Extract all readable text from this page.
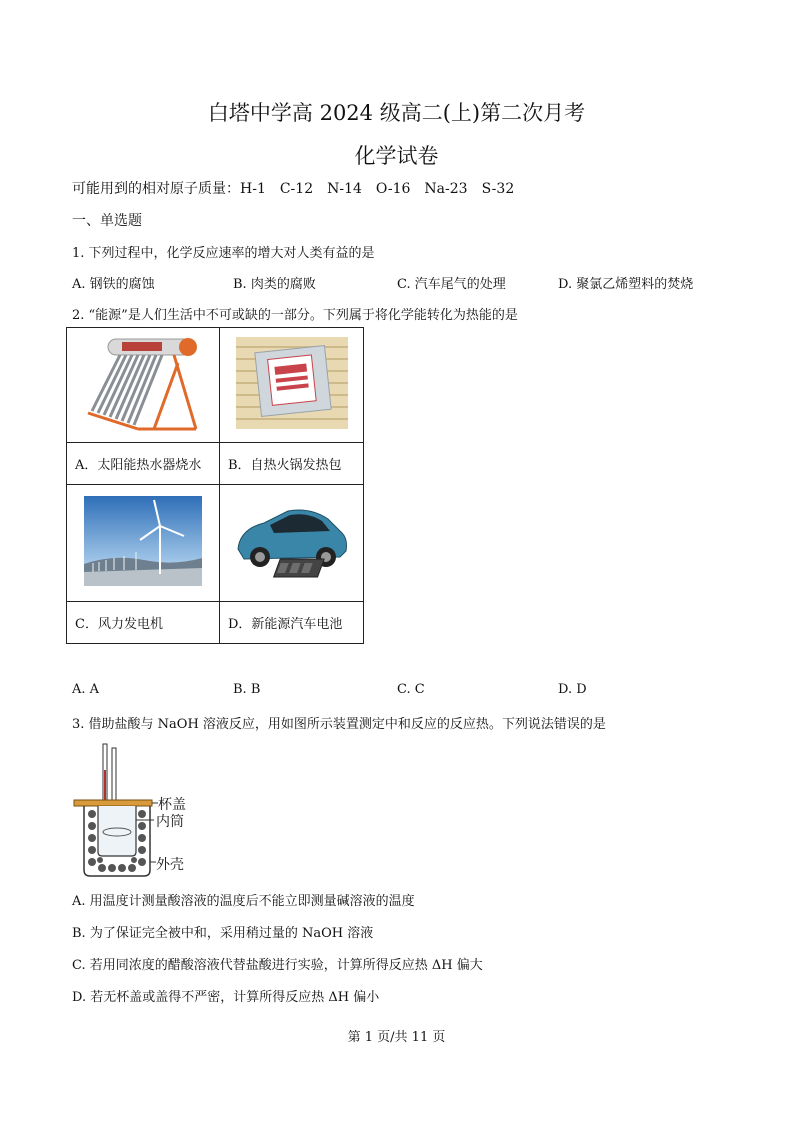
白塔中学高 2024 级高二(上)第二次月考
化学试卷
可能用到的相对原子质量：H-1　C-12　N-14　O-16　Na-23　S-32
一、单选题
1. 下列过程中，化学反应速率的增大对人类有益的是
A. 钢铁的腐蚀	B. 肉类的腐败	C. 汽车尾气的处理	D. 聚氯乙烯塑料的焚烧
2. “能源”是人们生活中不可或缺的一部分。下列属于将化学能转化为热能的是

A．太阳能热水器烧水	B．自热火锅发热包

C．风力发电机	D．新能源汽车电池
A. A	B. B	C. C	D. D
3. 借助盐酸与 NaOH 溶液反应，用如图所示装置测定中和反应的反应热。下列说法错误的是
杯盖
内筒
外壳
A. 用温度计测量酸溶液的温度后不能立即测量碱溶液的温度
B. 为了保证完全被中和，采用稍过量的 NaOH 溶液
C. 若用同浓度的醋酸溶液代替盐酸进行实验，计算所得反应热 ΔH 偏大
D. 若无杯盖或盖得不严密，计算所得反应热 ΔH 偏小
第 1 页/共 11 页
